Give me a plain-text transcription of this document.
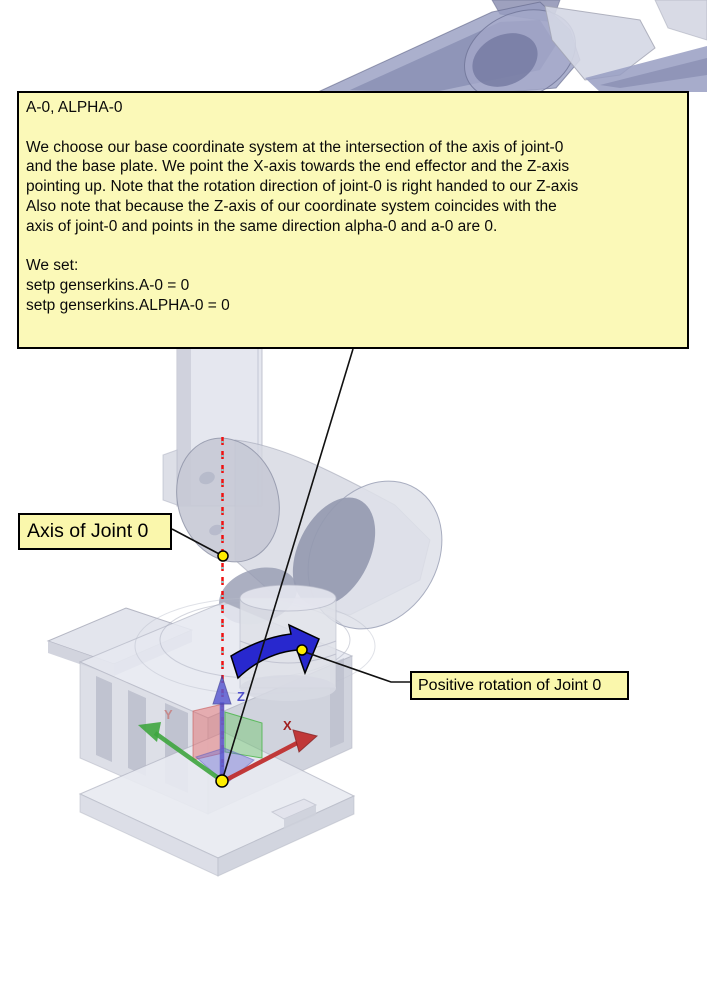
X
Y
Z
A-0, ALPHA-0
We choose our base coordinate system at the intersection of the axis of joint-0
and the base plate. We point the X-axis towards the end effector and the Z-axis
pointing up. Note that the rotation direction of joint-0 is right handed to our Z-axis
Also note that because the Z-axis of our coordinate system coincides with the
axis of joint-0 and points in the same direction alpha-0 and a-0 are 0.
We set:
setp genserkins.A-0 = 0
setp genserkins.ALPHA-0 = 0
Axis of Joint 0
Positive rotation of Joint 0
